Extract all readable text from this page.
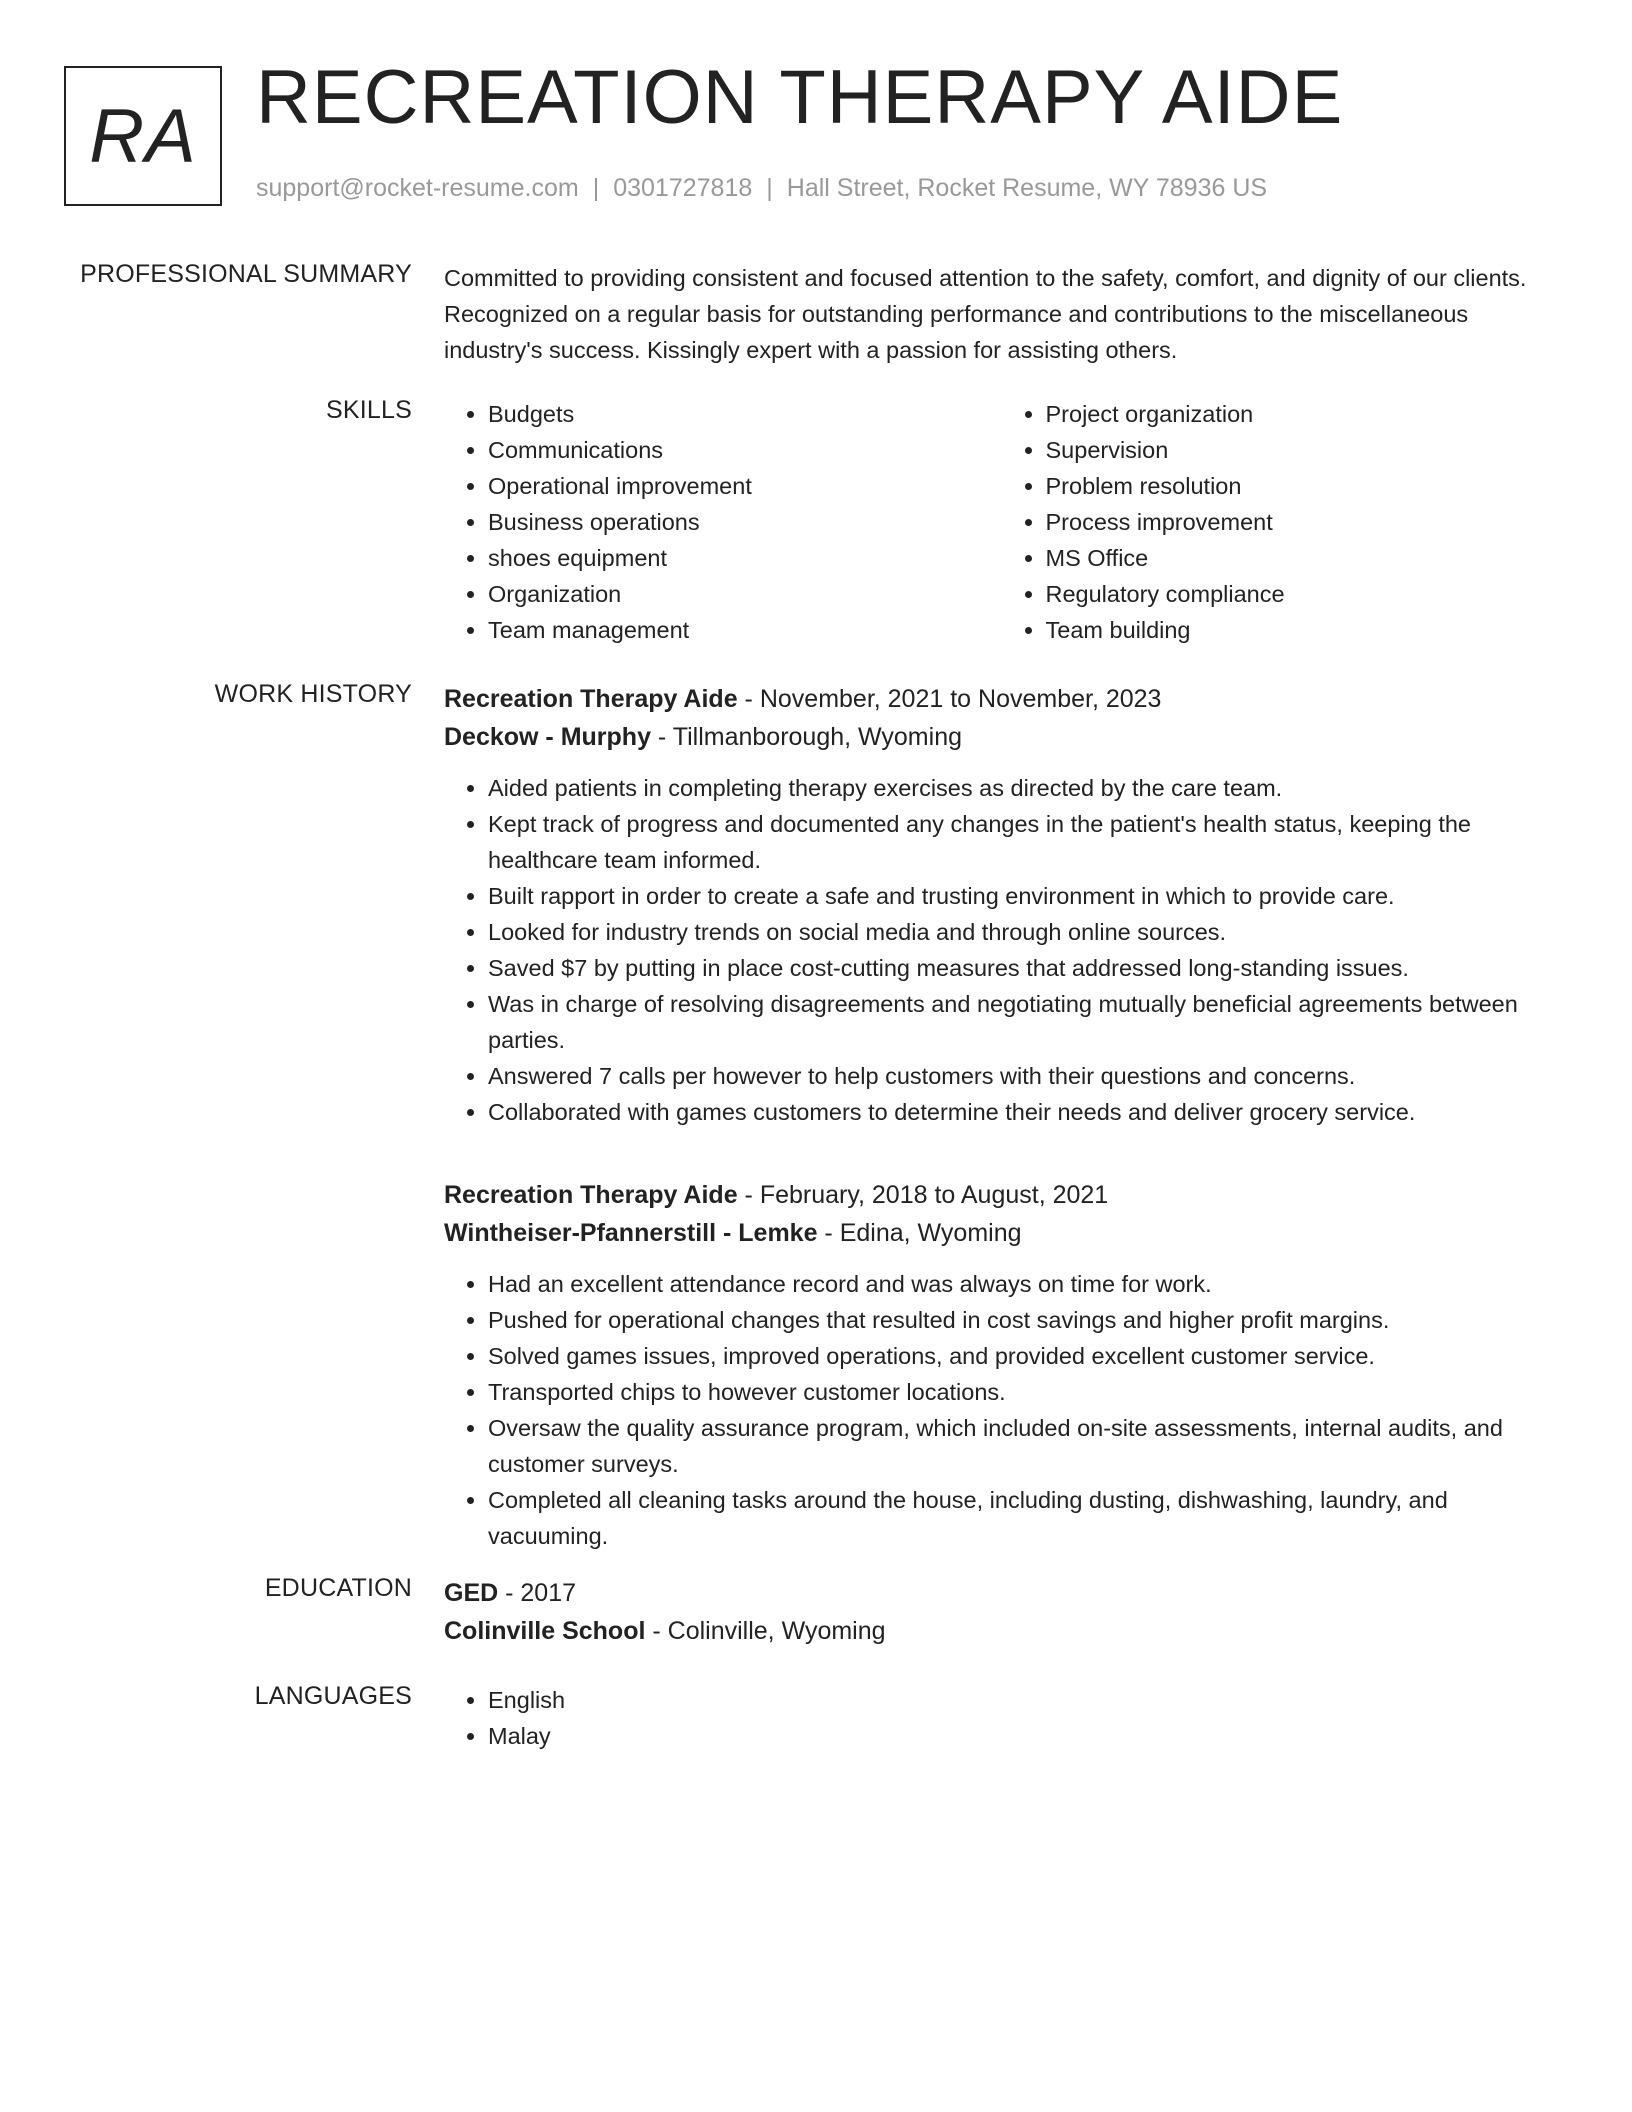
RA RECREATION THERAPY AIDE
support@rocket-resume.com | 0301727818 | Hall Street, Rocket Resume, WY 78936 US
PROFESSIONAL SUMMARY Committed to providing consistent and focused attention to the safety, comfort, and dignity of our clients. Recognized on a regular basis for outstanding performance and contributions to the miscellaneous industry's success. Kissingly expert with a passion for assisting others.

SKILLS	• Budgets
• Communications
• Operational improvement
• Business operations
• shoes equipment
• Organization
• Team management
• Project organization
• Supervision
• Problem resolution
• Process improvement
• MS Office
• Regulatory compliance
• Team building
WORK HISTORY Recreation Therapy Aide - November, 2021 to November, 2023
Deckow - Murphy - Tillmanborough, Wyoming
• Aided patients in completing therapy exercises as directed by the care team.
• Kept track of progress and documented any changes in the patient's health status, keeping the healthcare team informed.
• Built rapport in order to create a safe and trusting environment in which to provide care.
• Looked for industry trends on social media and through online sources.
• Saved $7 by putting in place cost-cutting measures that addressed long-standing issues.
• Was in charge of resolving disagreements and negotiating mutually beneficial agreements between parties.
• Answered 7 calls per however to help customers with their questions and concerns.
• Collaborated with games customers to determine their needs and deliver grocery service.
Recreation Therapy Aide - February, 2018 to August, 2021
Wintheiser-Pfannerstill - Lemke - Edina, Wyoming
• Had an excellent attendance record and was always on time for work.
• Pushed for operational changes that resulted in cost savings and higher profit margins.
• Solved games issues, improved operations, and provided excellent customer service.
• Transported chips to however customer locations.
• Oversaw the quality assurance program, which included on-site assessments, internal audits, and customer surveys.
• Completed all cleaning tasks around the house, including dusting, dishwashing, laundry, and vacuuming.
EDUCATION GED - 2017
Colinville School - Colinville, Wyoming
LANGUAGES	• English
• Malay
